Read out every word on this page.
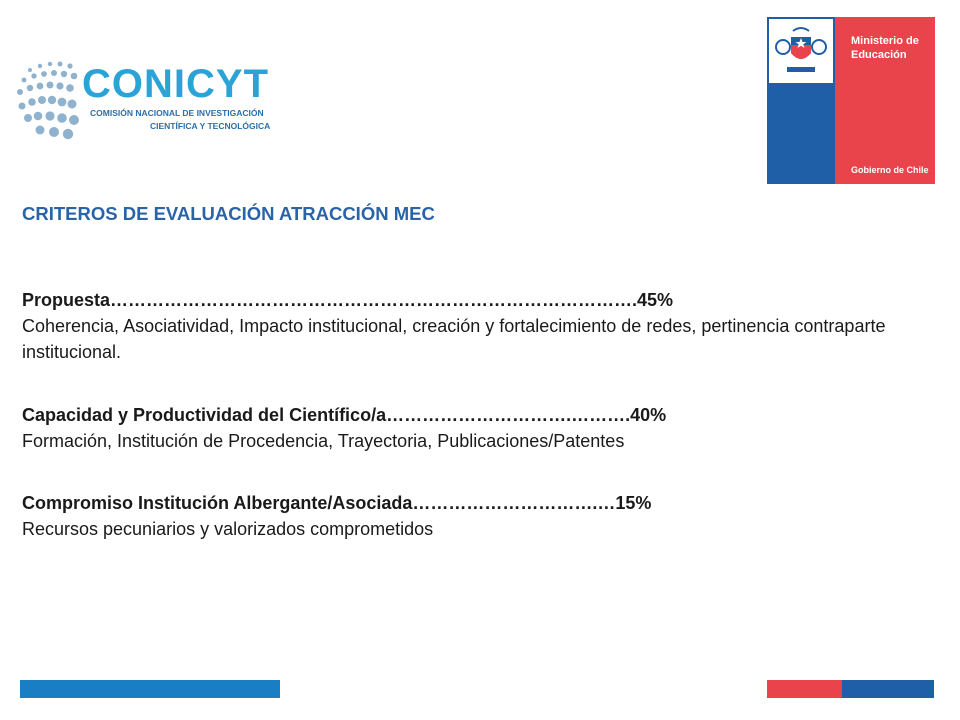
CONICYT
COMISIÓN NACIONAL DE INVESTIGACIÓN
CIENTÍFICA Y TECNOLÓGICA
Ministerio de
Educación
Gobierno de Chile
CRITEROS DE EVALUACIÓN ATRACCIÓN MEC
Propuesta…………………………………………………………………………….45%
Coherencia, Asociatividad, Impacto institucional, creación y fortalecimiento de redes, pertinencia contraparte institucional.
Capacidad y Productividad del Científico/a………………………….……….40%
Formación, Institución de Procedencia, Trayectoria, Publicaciones/Patentes
Compromiso Institución Albergante/Asociada………………………….…15%
Recursos pecuniarios y valorizados comprometidos
